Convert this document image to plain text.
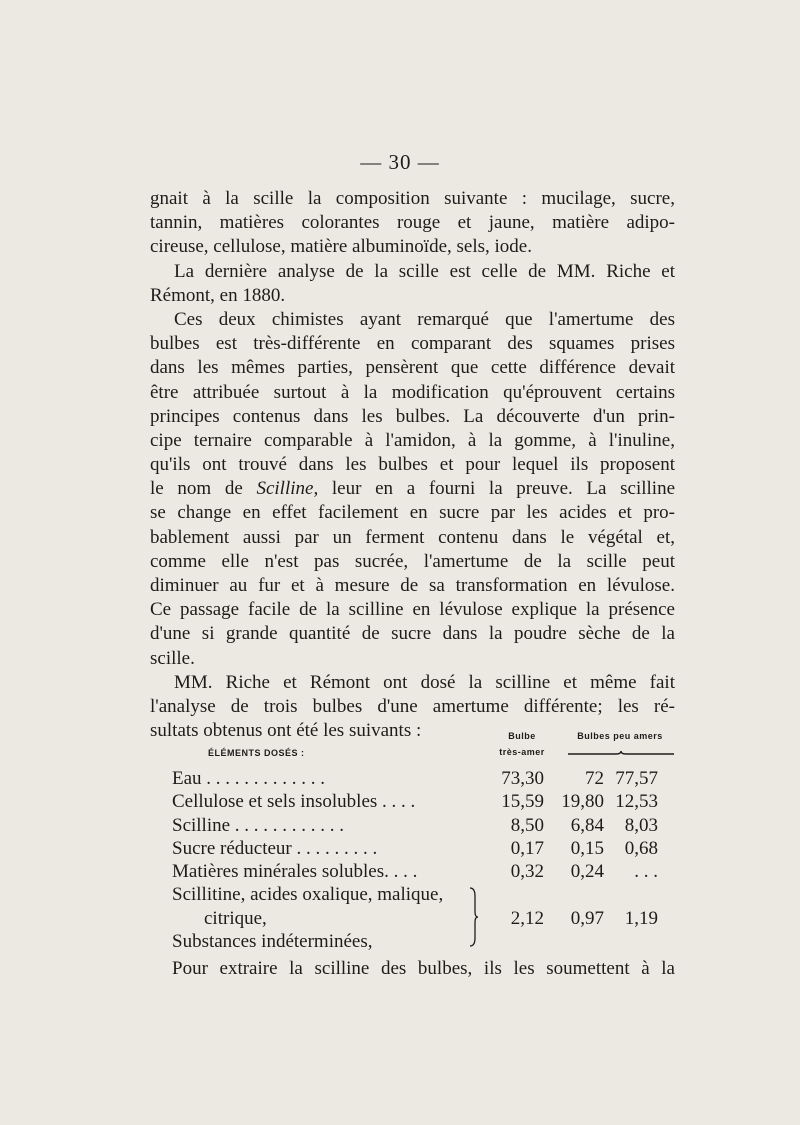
— 30 —
gnait à la scille la composition suivante : mucilage, sucre,
tannin, matières colorantes rouge et jaune, matière adipo-
cireuse, cellulose, matière albuminoïde, sels, iode.
La dernière analyse de la scille est celle de MM. Riche et
Rémont, en 1880.
Ces deux chimistes ayant remarqué que l'amertume des
bulbes est très-différente en comparant des squames prises
dans les mêmes parties, pensèrent que cette différence devait
être attribuée surtout à la modification qu'éprouvent certains
principes contenus dans les bulbes. La découverte d'un prin-
cipe ternaire comparable à l'amidon, à la gomme, à l'inuline,
qu'ils ont trouvé dans les bulbes et pour lequel ils proposent
le nom de Scilline, leur en a fourni la preuve. La scilline
se change en effet facilement en sucre par les acides et pro-
bablement aussi par un ferment contenu dans le végétal et,
comme elle n'est pas sucrée, l'amertume de la scille peut
diminuer au fur et à mesure de sa transformation en lévulose.
Ce passage facile de la scilline en lévulose explique la présence
d'une si grande quantité de sucre dans la poudre sèche de la
scille.
MM. Riche et Rémont ont dosé la scilline et même fait
l'analyse de trois bulbes d'une amertume différente; les ré-
sultats obtenus ont été les suivants :
ÉLÉMENTS DOSÉS :
Bulbe
très-amer
Bulbes peu amers
Eau . . . . . . . . . . . . .	73,30	72 77,57
Cellulose et sels insolubles . . . .	15,59 19,80 12,53
Scilline . . . . . . . . . . . .	8,50	6,84	8,03
Sucre réducteur . . . . . . . . .	0,17	0,15	0,68
Matières minérales solubles. . . .	0,32	0,24	. . .
Scillitine, acides oxalique, malique,
citrique,	2,12	0,97	1,19
Substances indéterminées,
Pour extraire la scilline des bulbes, ils les soumettent à la
